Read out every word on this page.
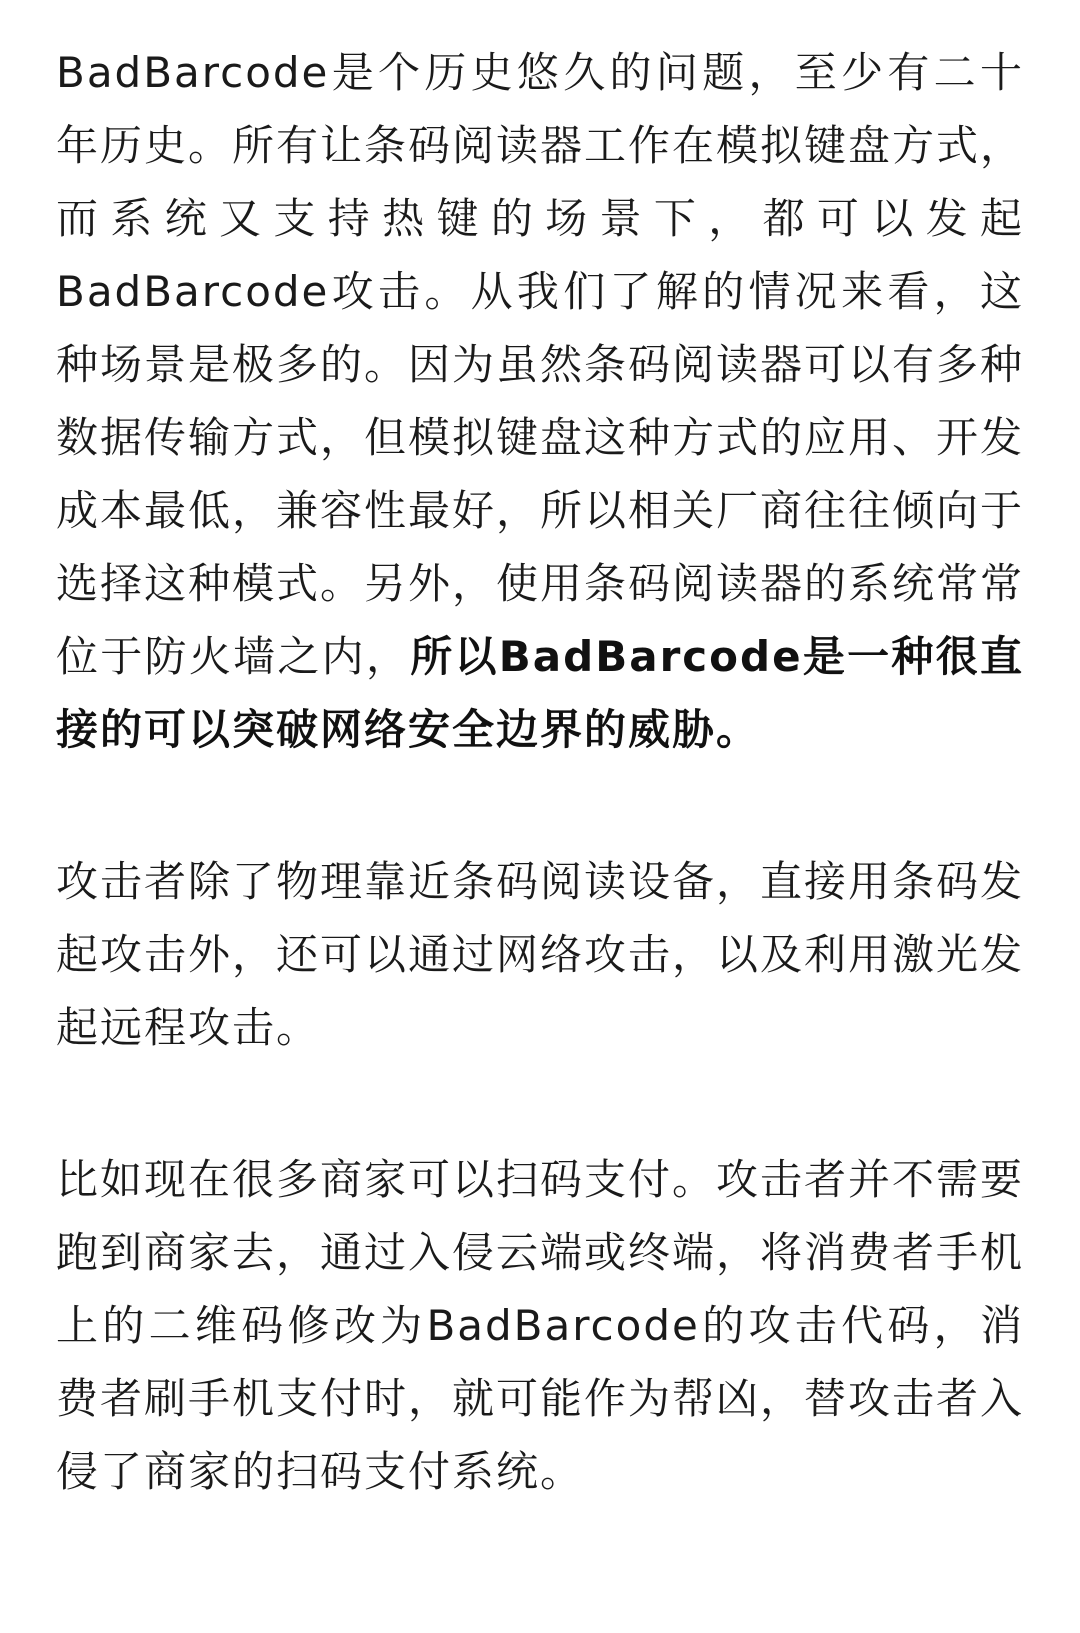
BadBarcode是个历史悠久的问题，至少有二十年历史。所有让条码阅读器工作在模拟键盘方式，而系统又支持热键的场景下，都可以发起BadBarcode攻击。从我们了解的情况来看，这种场景是极多的。因为虽然条码阅读器可以有多种数据传输方式，但模拟键盘这种方式的应用、开发成本最低，兼容性最好，所以相关厂商往往倾向于选择这种模式。另外，使用条码阅读器的系统常常位于防火墙之内，所以BadBarcode是一种很直接的可以突破网络安全边界的威胁。

攻击者除了物理靠近条码阅读设备，直接用条码发起攻击外，还可以通过网络攻击，以及利用激光发起远程攻击。

比如现在很多商家可以扫码支付。攻击者并不需要跑到商家去，通过入侵云端或终端，将消费者手机上的二维码修改为BadBarcode的攻击代码，消费者刷手机支付时，就可能作为帮凶，替攻击者入侵了商家的扫码支付系统。
